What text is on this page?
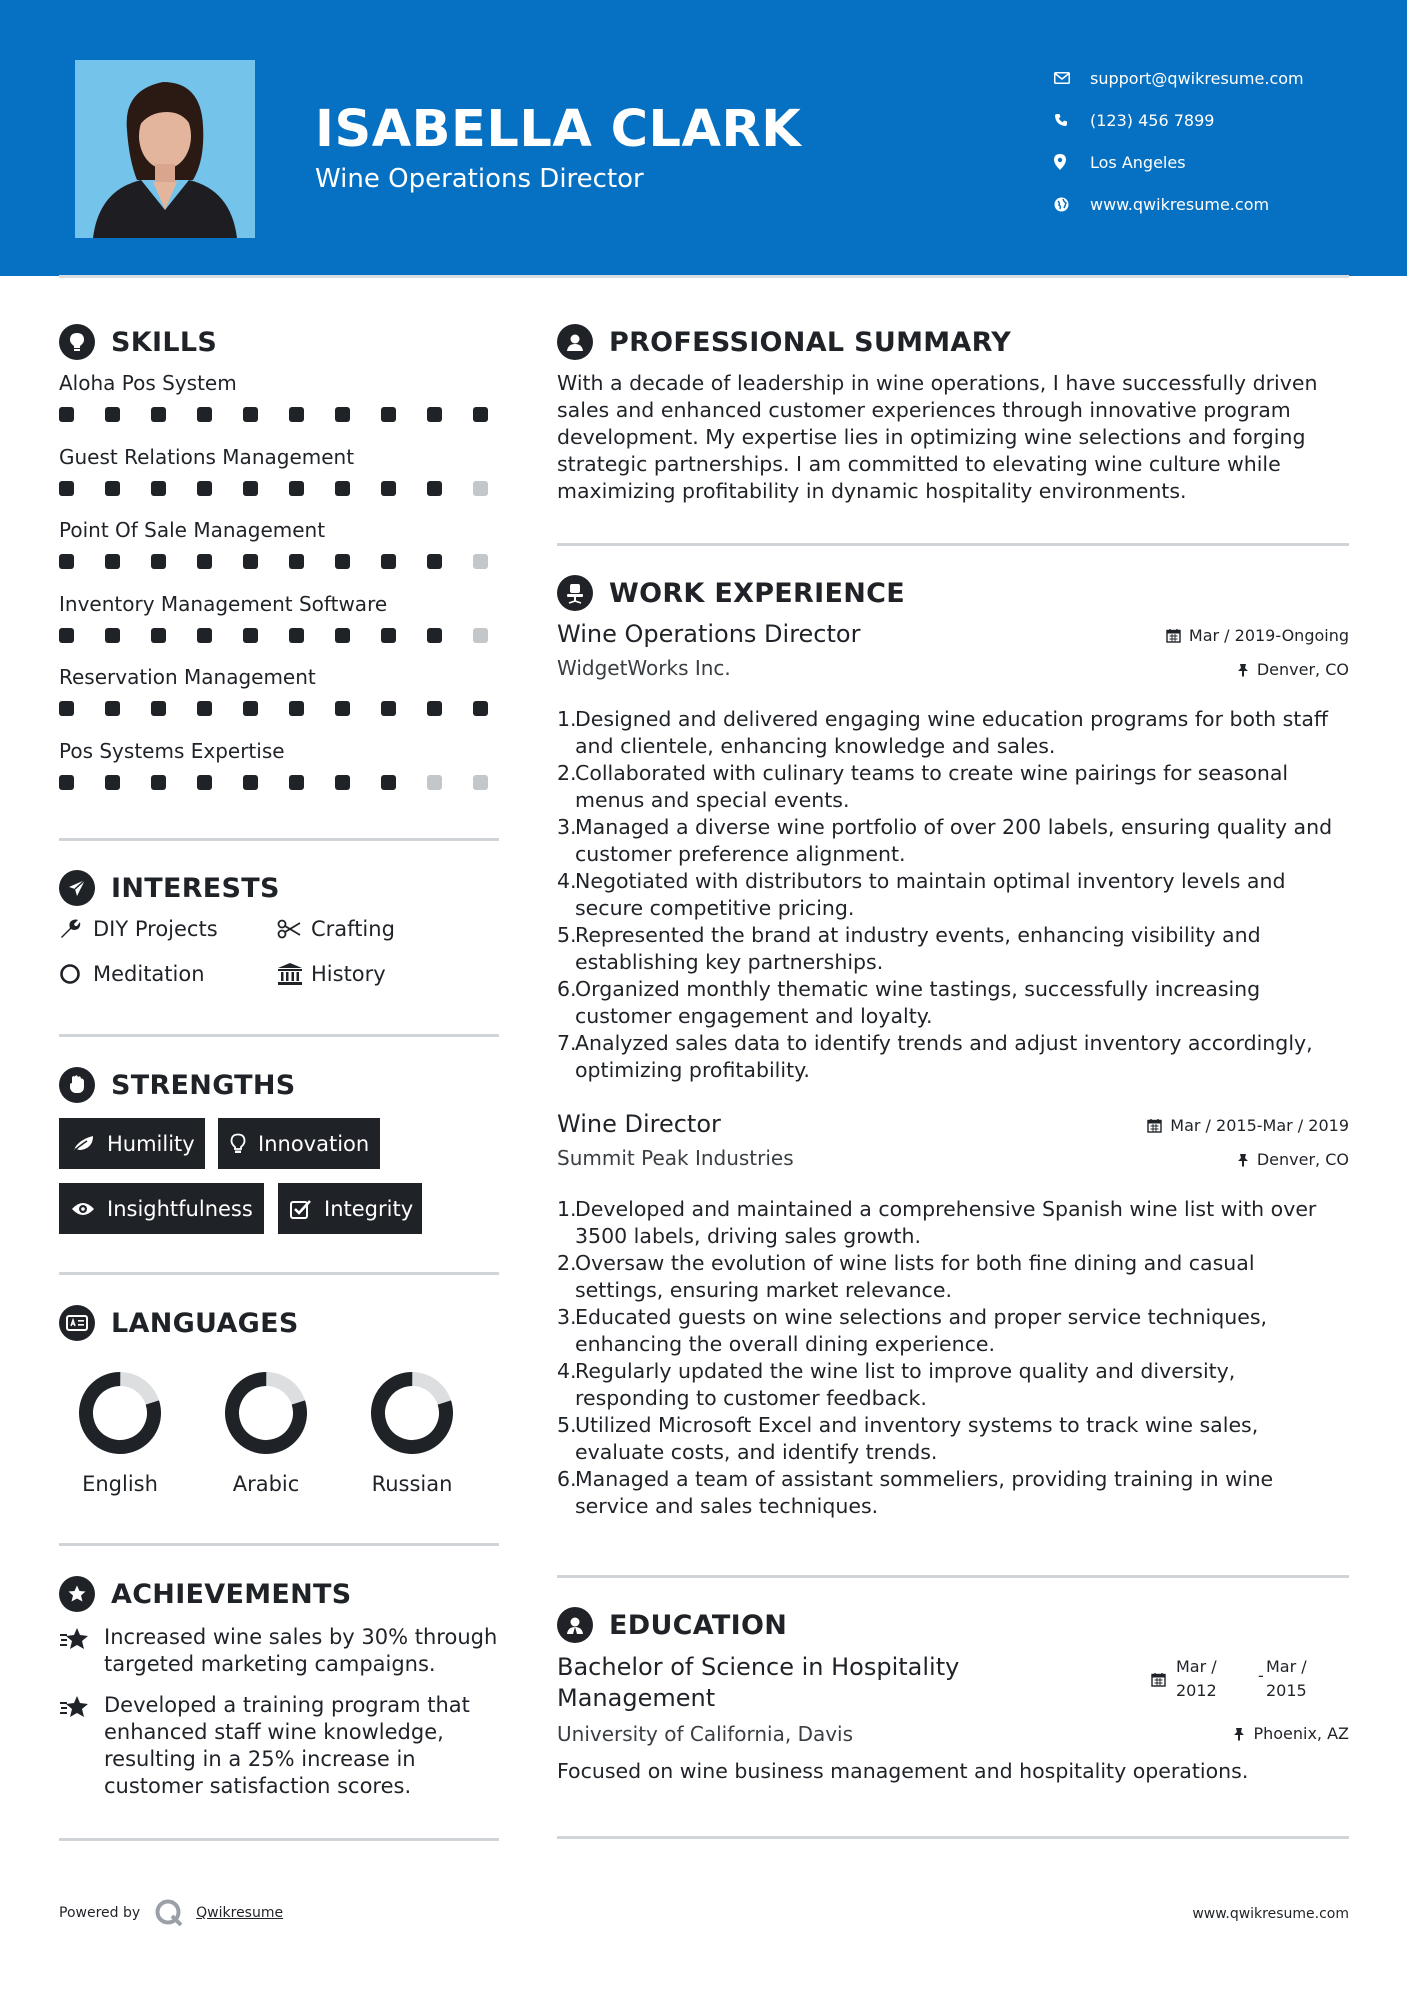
ISABELLA CLARK
Wine Operations Director
support@qwikresume.com
(123) 456 7899
Los Angeles
www.qwikresume.com
SKILLS
Aloha Pos System
Guest Relations Management
Point Of Sale Management
Inventory Management Software
Reservation Management
Pos Systems Expertise
INTERESTS
DIY Projects	Crafting
Meditation	History
STRENGTHS
Humility	Innovation
Insightfulness	Integrity
LANGUAGES
English	Arabic	Russian
ACHIEVEMENTS
Increased wine sales by 30% through targeted marketing campaigns.
Developed a training program that enhanced staff wine knowledge, resulting in a 25% increase in customer satisfaction scores.
PROFESSIONAL SUMMARY
With a decade of leadership in wine operations, I have successfully driven sales and enhanced customer experiences through innovative program development. My expertise lies in optimizing wine selections and forging strategic partnerships. I am committed to elevating wine culture while maximizing profitability in dynamic hospitality environments.
WORK EXPERIENCE
Wine Operations Director	Mar / 2019-Ongoing
WidgetWorks Inc.	Denver, CO
1.
Designed and delivered engaging wine education programs for both staff and clientele, enhancing knowledge and sales.
2.
Collaborated with culinary teams to create wine pairings for seasonal menus and special events.
3.
Managed a diverse wine portfolio of over 200 labels, ensuring quality and customer preference alignment.
4.
Negotiated with distributors to maintain optimal inventory levels and secure competitive pricing.
5.
Represented the brand at industry events, enhancing visibility and establishing key partnerships.
6.
Organized monthly thematic wine tastings, successfully increasing customer engagement and loyalty.
7.
Analyzed sales data to identify trends and adjust inventory accordingly, optimizing profitability.
Wine Director	Mar / 2015-Mar / 2019
Summit Peak Industries	Denver, CO
1.
Developed and maintained a comprehensive Spanish wine list with over 3500 labels, driving sales growth.
2.
Oversaw the evolution of wine lists for both fine dining and casual settings, ensuring market relevance.
3.
Educated guests on wine selections and proper service techniques, enhancing the overall dining experience.
4.
Regularly updated the wine list to improve quality and diversity, responding to customer feedback.
5.
Utilized Microsoft Excel and inventory systems to track wine sales, evaluate costs, and identify trends.
6.
Managed a team of assistant sommeliers, providing training in wine service and sales techniques.
EDUCATION
Bachelor of Science in Hospitality
Management
Mar /
2012
- Mar /
2015
University of California, Davis	Phoenix, AZ
Focused on wine business management and hospitality operations.
Powered by	Qwikresume	www.qwikresume.com
